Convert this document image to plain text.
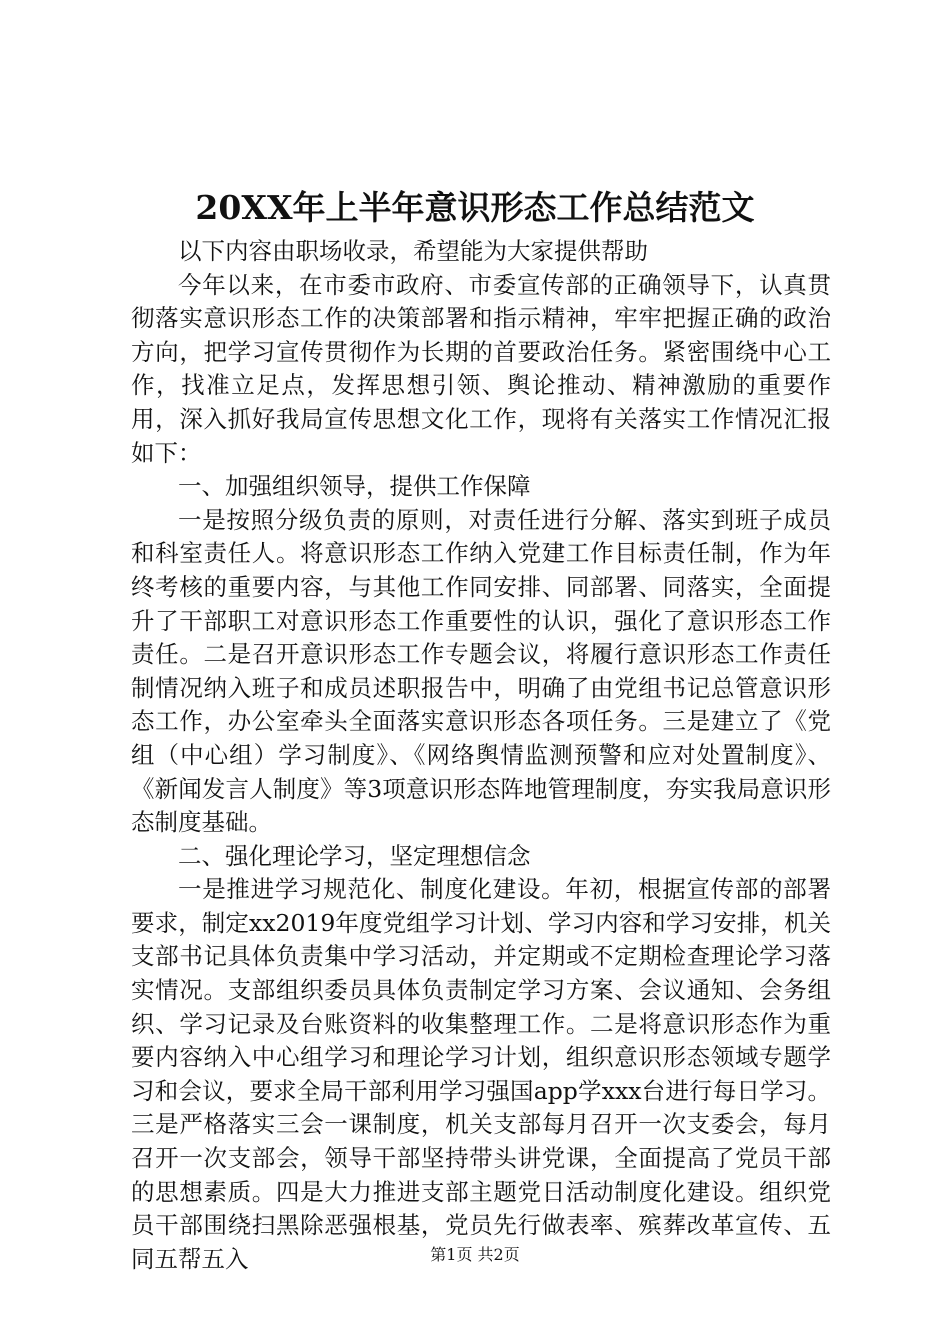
20XX年上半年意识形态工作总结范文

以下内容由职场收录，希望能为大家提供帮助

今年以来，在市委市政府、市委宣传部的正确领导下，认真贯彻落实意识形态工作的决策部署和指示精神，牢牢把握正确的政治方向，把学习宣传贯彻作为长期的首要政治任务。紧密围绕中心工作，找准立足点，发挥思想引领、舆论推动、精神激励的重要作用，深入抓好我局宣传思想文化工作，现将有关落实工作情况汇报如下：

一、加强组织领导，提供工作保障

一是按照分级负责的原则，对责任进行分解、落实到班子成员和科室责任人。将意识形态工作纳入党建工作目标责任制，作为年终考核的重要内容，与其他工作同安排、同部署、同落实，全面提升了干部职工对意识形态工作重要性的认识，强化了意识形态工作责任。二是召开意识形态工作专题会议，将履行意识形态工作责任制情况纳入班子和成员述职报告中，明确了由党组书记总管意识形态工作，办公室牵头全面落实意识形态各项任务。三是建立了《党组（中心组）学习制度》、《网络舆情监测预警和应对处置制度》、《新闻发言人制度》等3项意识形态阵地管理制度，夯实我局意识形态制度基础。

二、强化理论学习，坚定理想信念

一是推进学习规范化、制度化建设。年初，根据宣传部的部署要求，制定xx2019年度党组学习计划、学习内容和学习安排，机关支部书记具体负责集中学习活动，并定期或不定期检查理论学习落实情况。支部组织委员具体负责制定学习方案、会议通知、会务组织、学习记录及台账资料的收集整理工作。二是将意识形态作为重要内容纳入中心组学习和理论学习计划，组织意识形态领域专题学习和会议，要求全局干部利用学习强国app学xxx台进行每日学习。三是严格落实三会一课制度，机关支部每月召开一次支委会，每月召开一次支部会，领导干部坚持带头讲党课，全面提高了党员干部的思想素质。四是大力推进支部主题党日活动制度化建设。组织党员干部围绕扫黑除恶强根基，党员先行做表率、殡葬改革宣传、五同五帮五入	第1页 共2页
